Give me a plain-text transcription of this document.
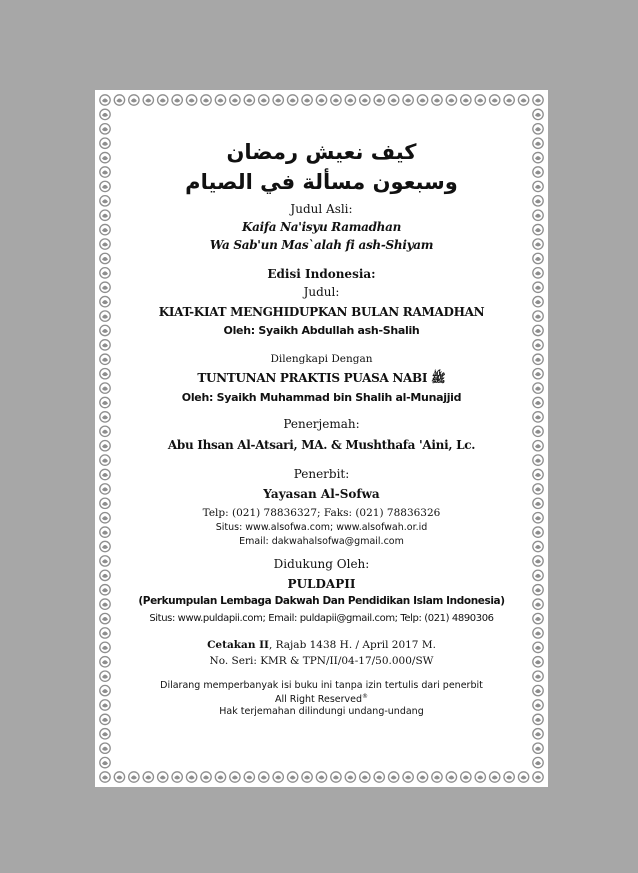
كيف نعيش رمضان
وسبعون مسألة في الصيام
Judul Asli:
Kaifa Na'isyu Ramadhan
Wa Sab'un Mas`alah fi ash-Shiyam
Edisi Indonesia:
Judul:
KIAT-KIAT MENGHIDUPKAN BULAN RAMADHAN
Oleh: Syaikh Abdullah ash-Shalih
Dilengkapi Dengan
TUNTUNAN PRAKTIS PUASA NABI ﷺ
Oleh: Syaikh Muhammad bin Shalih al-Munajjid
Penerjemah:
Abu Ihsan Al-Atsari, MA. & Mushthafa 'Aini, Lc.
Penerbit:
Yayasan Al-Sofwa
Telp: (021) 78836327; Faks: (021) 78836326
Situs: www.alsofwa.com; www.alsofwah.or.id
Email: dakwahalsofwa@gmail.com
Didukung Oleh:
PULDAPII
(Perkumpulan Lembaga Dakwah Dan Pendidikan Islam Indonesia)
Situs: www.puldapii.com; Email: puldapii@gmail.com; Telp: (021) 4890306
Cetakan II, Rajab 1438 H. / April 2017 M.
No. Seri: KMR & TPN/II/04-17/50.000/SW
Dilarang memperbanyak isi buku ini tanpa izin tertulis dari penerbit
All Right Reserved®
Hak terjemahan dilindungi undang-undang
